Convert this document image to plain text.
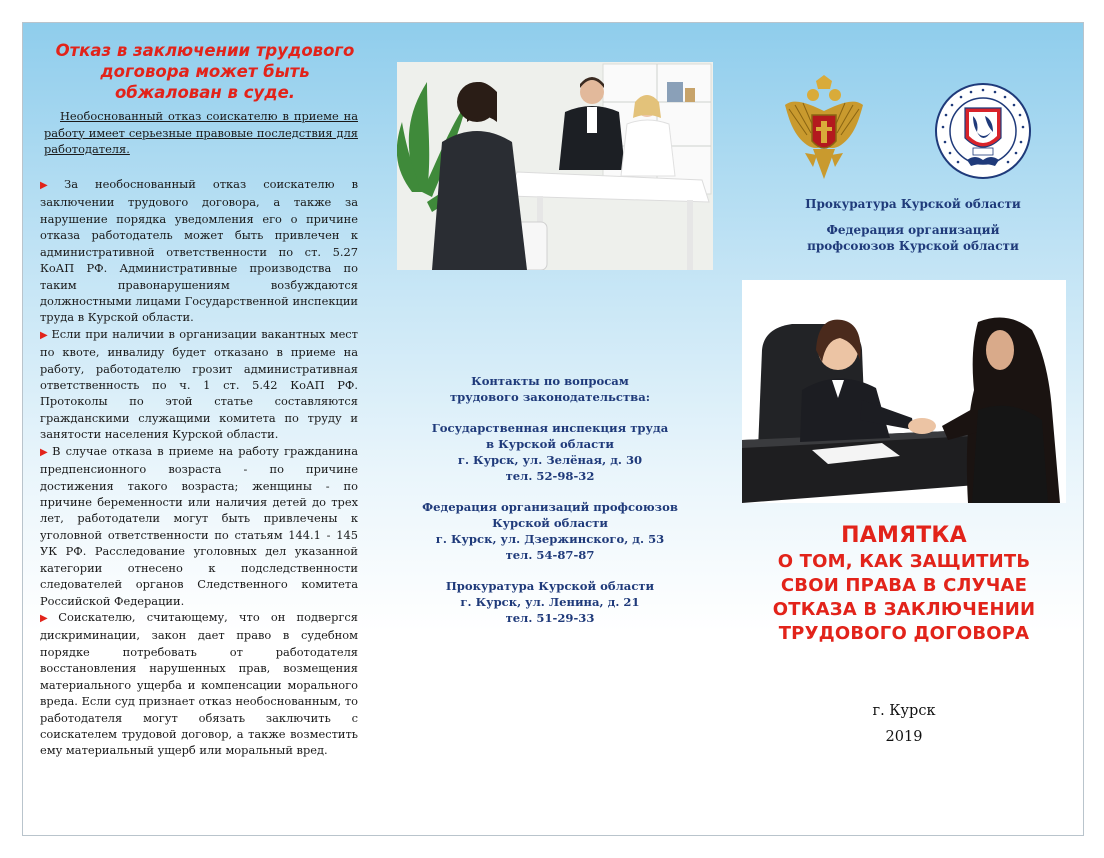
Отказ в заключении трудового
договора может быть
обжалован в суде.
Необоснованный отказ соискателю в приеме на работу имеет серьезные правовые последствия для работодателя.

▶ За необоснованный отказ соискателю в заключении трудового договора, а также за нарушение порядка уведомления его о причине отказа работодатель может быть привлечен к административной ответственности по ст. 5.27 КоАП РФ. Административные производства по таким правонарушениям возбуждаются должностными лицами Государственной инспекции труда в Курской области.

▶ Если при наличии в организации вакантных мест по квоте, инвалиду будет отказано в приеме на работу, работодателю грозит административная ответственность по ч. 1 ст. 5.42 КоАП РФ. Протоколы по этой статье составляются гражданскими служащими комитета по труду и занятости населения Курской области.

▶ В случае отказа в приеме на работу гражданина предпенсионного возраста - по причине достижения такого возраста; женщины - по причине беременности или наличия детей до трех лет, работодатели могут быть привлечены к уголовной ответственности по статьям 144.1 - 145 УК РФ. Расследование уголовных дел указанной категории отнесено к подследственности следователей органов Следственного комитета Российской Федерации.

▶ Соискателю, считающему, что он подвергся дискриминации, закон дает право в судебном порядке потребовать от работодателя восстановления нарушенных прав, возмещения материального ущерба и компенсации морального вреда. Если суд признает отказ необоснованным, то работодателя могут обязать заключить с соискателем трудовой договор, а также возместить ему материальный ущерб или моральный вред.

Контакты по вопросам
трудового законодательства:
Государственная инспекция труда
в Курской области
г. Курск, ул. Зелёная, д. 30
тел. 52-98-32
Федерация организаций профсоюзов
Курской области
г. Курск, ул. Дзержинского, д. 53
тел. 54-87-87
Прокуратура Курской области
г. Курск, ул. Ленина, д. 21
тел. 51-29-33
Прокуратура Курской области
Федерация организаций
профсоюзов Курской области
ПАМЯТКА
О ТОМ, КАК ЗАЩИТИТЬ
СВОИ ПРАВА В СЛУЧАЕ
ОТКАЗА В ЗАКЛЮЧЕНИИ
ТРУДОВОГО ДОГОВОРА
г. Курск
2019
